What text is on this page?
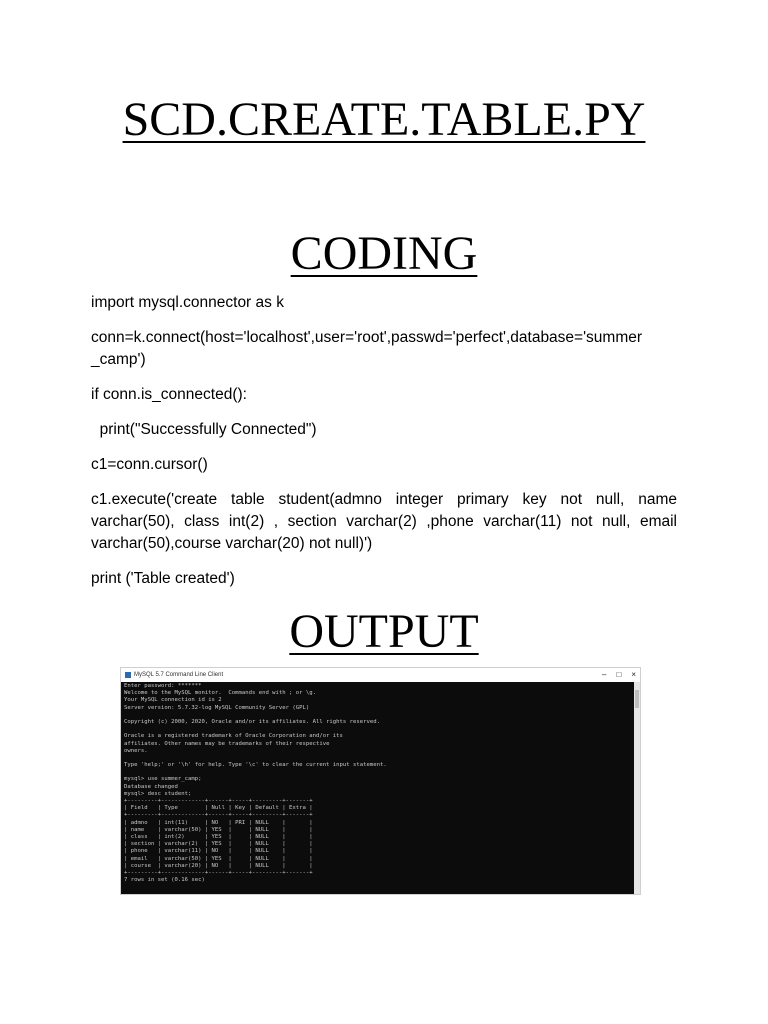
SCD.CREATE.TABLE.PY
CODING

import mysql.connector as k

conn=k.connect(host='localhost',user='root',passwd='perfect',database='summer _camp')

if conn.is_connected():

print("Successfully Connected")

c1=conn.cursor()

c1.execute('create table student(admno integer primary key not null, name varchar(50), class int(2) , section varchar(2) ,phone varchar(11) not null, email varchar(50),course varchar(20) not null)')

print ('Table created')

OUTPUT
MySQL 5.7 Command Line Client	– □ ×
Enter password: *******
Welcome to the MySQL monitor.  Commands end with ; or \g.
Your MySQL connection id is 2
Server version: 5.7.32-log MySQL Community Server (GPL)
Copyright (c) 2000, 2020, Oracle and/or its affiliates. All rights reserved.
Oracle is a registered trademark of Oracle Corporation and/or its
affiliates. Other names may be trademarks of their respective
owners.
Type 'help;' or '\h' for help. Type '\c' to clear the current input statement.
mysql> use summer_camp;
Database changed
mysql> desc student;
+---------+-------------+------+-----+---------+-------+
| Field   | Type        | Null | Key | Default | Extra |
+---------+-------------+------+-----+---------+-------+
| admno   | int(11)     | NO   | PRI | NULL    |       |
| name    | varchar(50) | YES  |     | NULL    |       |
| class   | int(2)      | YES  |     | NULL    |       |
| section | varchar(2)  | YES  |     | NULL    |       |
| phone   | varchar(11) | NO   |     | NULL    |       |
| email   | varchar(50) | YES  |     | NULL    |       |
| course  | varchar(20) | NO   |     | NULL    |       |
+---------+-------------+------+-----+---------+-------+
7 rows in set (0.16 sec)
